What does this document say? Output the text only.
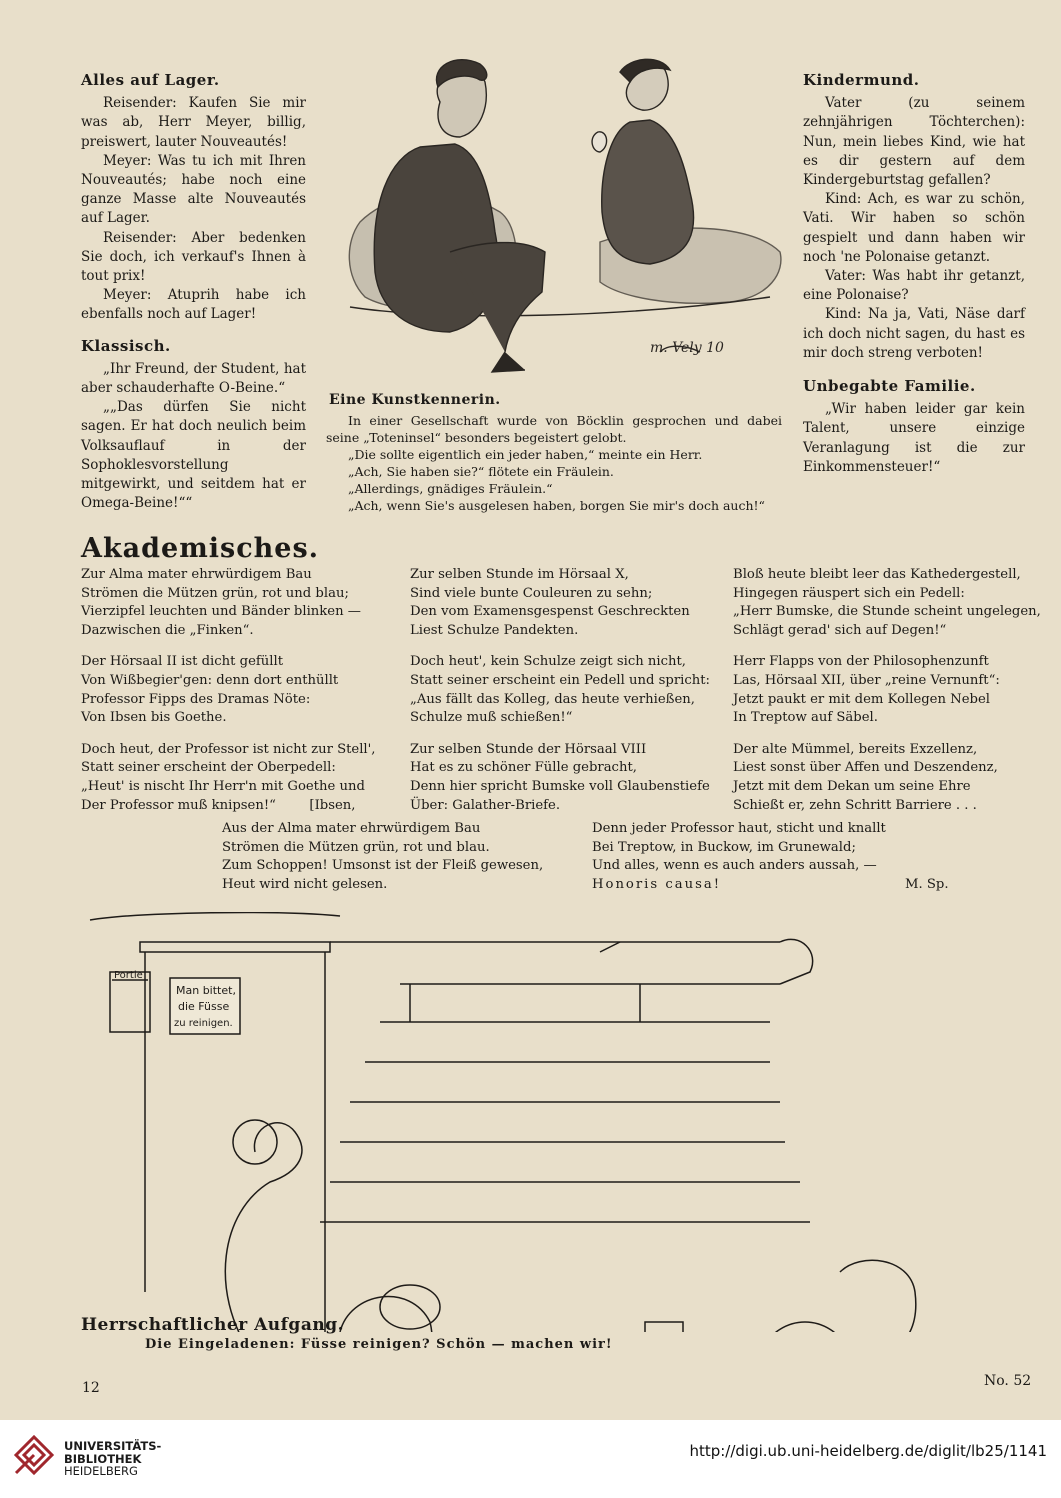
Alles auf Lager.

Reisender: Kaufen Sie mir was ab, Herr Meyer, billig, preiswert, lauter Nouveautés!

Meyer: Was tu ich mit Ihren Nouveautés; habe noch eine ganze Masse alte Nouveautés auf Lager.

Reisender: Aber bedenken Sie doch, ich verkauf's Ihnen à tout prix!

Meyer: Atuprih habe ich ebenfalls noch auf Lager!

Klassisch.

„Ihr Freund, der Student, hat aber schauderhafte O-Beine.“

„„Das dürfen Sie nicht sagen. Er hat doch neulich beim Volksauflauf in der Sophoklesvorstellung mitgewirkt, und seitdem hat er Omega-Beine!““

m. Vely 10

Eine Kunstkennerin.

In einer Gesellschaft wurde von Böcklin gesprochen und dabei seine „Toteninsel“ besonders begeistert gelobt.

„Die sollte eigentlich ein jeder haben,“ meinte ein Herr.

„Ach, Sie haben sie?“ flötete ein Fräulein.

„Allerdings, gnädiges Fräulein.“

„Ach, wenn Sie's ausgelesen haben, borgen Sie mir's doch auch!“

Kindermund.

Vater (zu seinem zehnjährigen Töchterchen): Nun, mein liebes Kind, wie hat es dir gestern auf dem Kindergeburtstag gefallen?

Kind: Ach, es war zu schön, Vati. Wir haben so schön gespielt und dann haben wir noch 'ne Polonaise getanzt.

Vater: Was habt ihr getanzt, eine Polonaise?

Kind: Na ja, Vati, Näse darf ich doch nicht sagen, du hast es mir doch streng verboten!

Unbegabte Familie.

„Wir haben leider gar kein Talent, unsere einzige Veranlagung ist die zur Einkommensteuer!“

Akademisches.
Zur Alma mater ehrwürdigem Bau
Strömen die Mützen grün, rot und blau;
Vierzipfel leuchten und Bänder blinken —
Dazwischen die „Finken“.
Der Hörsaal II ist dicht gefüllt
Von Wißbegier'gen: denn dort enthüllt
Professor Fipps des Dramas Nöte:
Von Ibsen bis Goethe.
Doch heut, der Professor ist nicht zur Stell',
Statt seiner erscheint der Oberpedell:
„Heut' is nischt Ihr Herr'n mit Goethe und
Der Professor muß knipsen!“        [Ibsen,
Zur selben Stunde im Hörsaal X,
Sind viele bunte Couleuren zu sehn;
Den vom Examensgespenst Geschreckten
Liest Schulze Pandekten.
Doch heut', kein Schulze zeigt sich nicht,
Statt seiner erscheint ein Pedell und spricht:
„Aus fällt das Kolleg, das heute verhießen,
Schulze muß schießen!“
Zur selben Stunde der Hörsaal VIII
Hat es zu schöner Fülle gebracht,
Denn hier spricht Bumske voll Glaubenstiefe
Über: Galather-Briefe.
Bloß heute bleibt leer das Kathedergestell,
Hingegen räuspert sich ein Pedell:
„Herr Bumske, die Stunde scheint ungelegen,
Schlägt gerad' sich auf Degen!“
Herr Flapps von der Philosophenzunft
Las, Hörsaal XII, über „reine Vernunft“:
Jetzt paukt er mit dem Kollegen Nebel
In Treptow auf Säbel.
Der alte Mümmel, bereits Exzellenz,
Liest sonst über Affen und Deszendenz,
Jetzt mit dem Dekan um seine Ehre
Schießt er, zehn Schritt Barriere . . .
Aus der Alma mater ehrwürdigem Bau
Strömen die Mützen grün, rot und blau.
Zum Schoppen! Umsonst ist der Fleiß gewesen,
Heut wird nicht gelesen.
Denn jeder Professor haut, sticht und knallt
Bei Treptow, in Buckow, im Grunewald;
Und alles, wenn es auch anders aussah, —
Honoris causa!	M. Sp.
Man bittet,
die Füsse
zu reinigen.
Portie

Herrschaftlicher Aufgang.

Die Eingeladenen: Füsse reinigen? Schön — machen wir!

12	No. 52
UNIVERSITÄTS-
BIBLIOTHEK
HEIDELBERG
http://digi.ub.uni-heidelberg.de/diglit/lb25/1141
